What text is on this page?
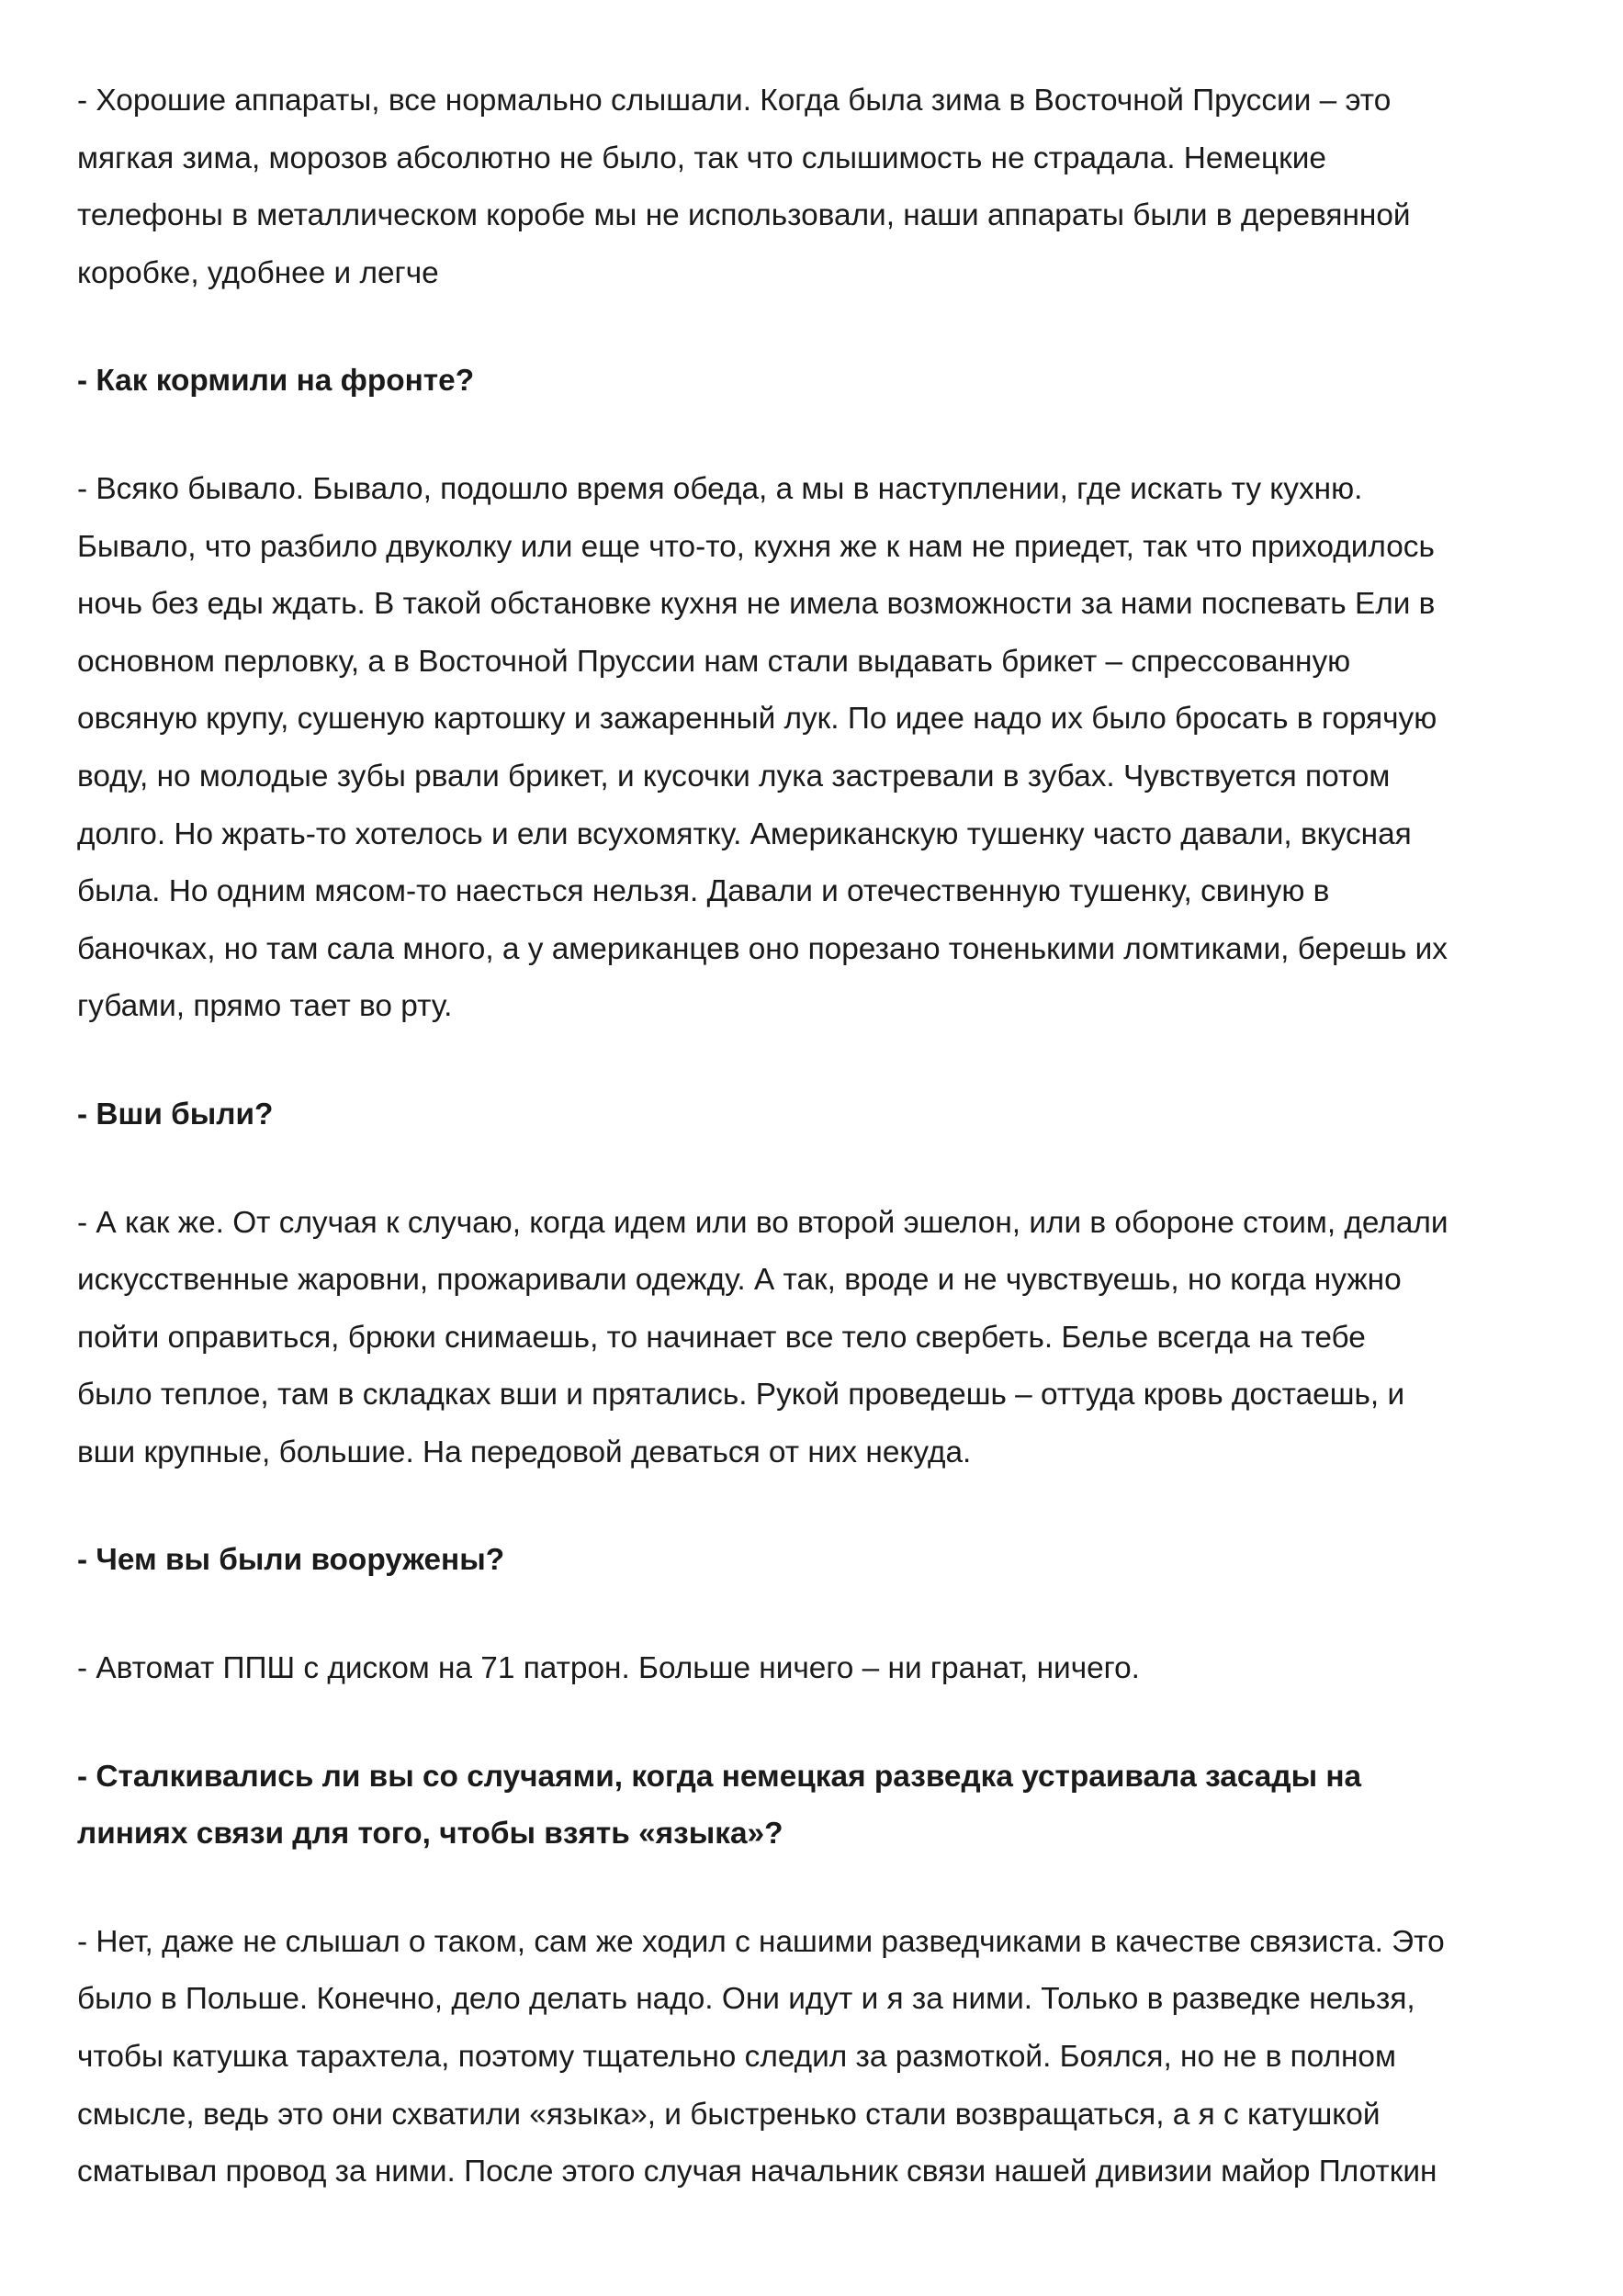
- Хорошие аппараты, все нормально слышали. Когда была зима в Восточной Пруссии – это
мягкая зима, морозов абсолютно не было, так что слышимость не страдала. Немецкие
телефоны в металлическом коробе мы не использовали, наши аппараты были в деревянной
коробке, удобнее и легче
- Как кормили на фронте?
- Всяко бывало. Бывало, подошло время обеда, а мы в наступлении, где искать ту кухню.
Бывало, что разбило двуколку или еще что-то, кухня же к нам не приедет, так что приходилось
ночь без еды ждать. В такой обстановке кухня не имела возможности за нами поспевать Ели в
основном перловку, а в Восточной Пруссии нам стали выдавать брикет – спрессованную
овсяную крупу, сушеную картошку и зажаренный лук. По идее надо их было бросать в горячую
воду, но молодые зубы рвали брикет, и кусочки лука застревали в зубах. Чувствуется потом
долго. Но жрать-то хотелось и ели всухомятку. Американскую тушенку часто давали, вкусная
была. Но одним мясом-то наесться нельзя. Давали и отечественную тушенку, свиную в
баночках, но там сала много, а у американцев оно порезано тоненькими ломтиками, берешь их
губами, прямо тает во рту.
- Вши были?
- А как же. От случая к случаю, когда идем или во второй эшелон, или в обороне стоим, делали
искусственные жаровни, прожаривали одежду. А так, вроде и не чувствуешь, но когда нужно
пойти оправиться, брюки снимаешь, то начинает все тело свербеть. Белье всегда на тебе
было теплое, там в складках вши и прятались. Рукой проведешь – оттуда кровь достаешь, и
вши крупные, большие. На передовой деваться от них некуда.
- Чем вы были вооружены?
- Автомат ППШ с диском на 71 патрон. Больше ничего – ни гранат, ничего.
- Сталкивались ли вы со случаями, когда немецкая разведка устраивала засады на
линиях связи для того, чтобы взять «языка»?
- Нет, даже не слышал о таком, сам же ходил с нашими разведчиками в качестве связиста. Это
было в Польше. Конечно, дело делать надо. Они идут и я за ними. Только в разведке нельзя,
чтобы катушка тарахтела, поэтому тщательно следил за размоткой. Боялся, но не в полном
смысле, ведь это они схватили «языка», и быстренько стали возвращаться, а я с катушкой
сматывал провод за ними. После этого случая начальник связи нашей дивизии майор Плоткин
